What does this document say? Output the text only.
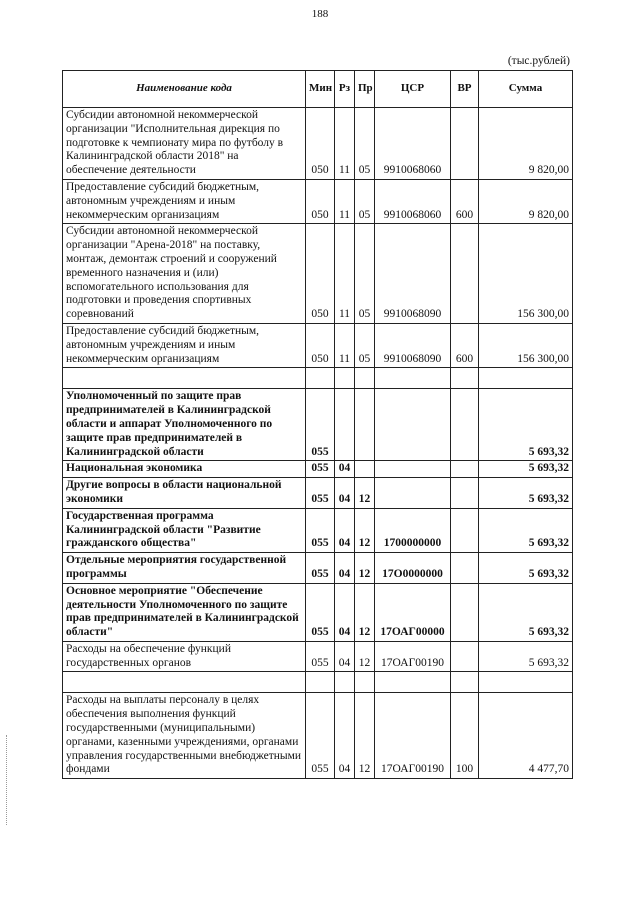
188
(тыс.рублей)
Наименование кода	Мин	Рз	Пр	ЦСР	ВР	Сумма
Субсидии автономной некоммерческой организации "Исполнительная дирекция по подготовке к чемпионату мира по футболу в Калининградской области 2018" на обеспечение деятельности	050	11	05	9910068060		9 820,00
Предоставление субсидий бюджетным, автономным учреждениям и иным некоммерческим организациям	050	11	05	9910068060	600	9 820,00
Субсидии автономной некоммерческой организации "Арена-2018" на поставку, монтаж, демонтаж строений и сооружений временного назначения и (или) вспомогательного использования для подготовки и проведения спортивных соревнований	050	11	05	9910068090		156 300,00
Предоставление субсидий бюджетным, автономным учреждениям и иным некоммерческим организациям	050	11	05	9910068090	600	156 300,00

Уполномоченный по защите прав предпринимателей в Калининградской области и аппарат Уполномоченного по защите прав предпринимателей в Калининградской области	055					5 693,32
Национальная экономика	055	04				5 693,32
Другие вопросы в области национальной экономики	055	04	12			5 693,32
Государственная программа Калининградской области "Развитие гражданского общества"	055	04	12	1700000000		5 693,32
Отдельные мероприятия государственной программы	055	04	12	17О0000000		5 693,32
Основное мероприятие "Обеспечение деятельности Уполномоченного по защите прав предпринимателей в Калининградской области"	055	04	12	17ОАГ00000		5 693,32
Расходы на обеспечение функций государственных органов	055	04	12	17ОАГ00190		5 693,32

Расходы на выплаты персоналу в целях обеспечения выполнения функций государственными (муниципальными) органами, казенными учреждениями, органами управления государственными внебюджетными фондами	055	04	12	17ОАГ00190	100	4 477,70
